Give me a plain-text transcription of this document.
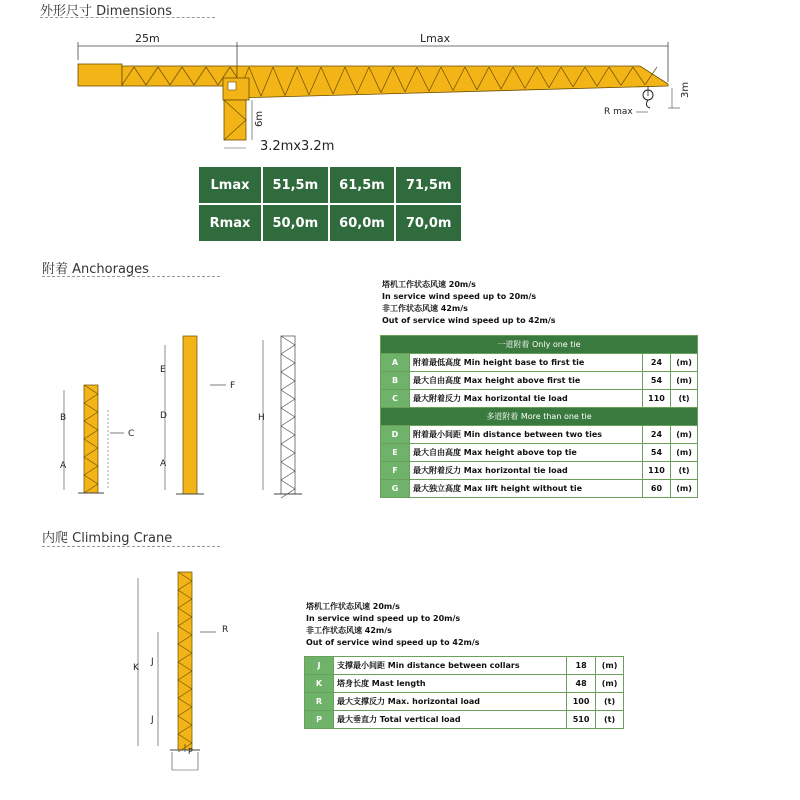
外形尺寸 Dimensions
25m	Lmax
6m
3.2mx3.2m
3m
R max
Lmax	51,5m	61,5m	71,5m
Rmax	50,0m	60,0m	70,0m
附着 Anchorages
塔机工作状态风速 20m/s
In service wind speed up to 20m/s
非工作状态风速 42m/s
Out of service wind speed up to 42m/s
A
B
C
E
D
A
F
H
一道附着 Only one tie			
A	附着最低高度 Min height base to first tie	24	(m)
B	最大自由高度 Max height above first tie	54	(m)
C	最大附着反力 Max horizontal tie load	110	(t)
多道附着 More than one tie			
D	附着最小间距 Min distance between two ties	24	(m)
E	最大自由高度 Max height above top tie	54	(m)
F	最大附着反力 Max horizontal tie load	110	(t)
G	最大独立高度 Max lift height without tie	60	(m)
内爬 Climbing Crane
K
J
J
R
P
塔机工作状态风速 20m/s
In service wind speed up to 20m/s
非工作状态风速 42m/s
Out of service wind speed up to 42m/s
J	支撑最小间距 Min distance between collars	18	(m)
K	塔身长度 Mast length	48	(m)
R	最大支撑反力 Max. horizontal load	100	(t)
P	最大垂直力 Total vertical load	510	(t)
